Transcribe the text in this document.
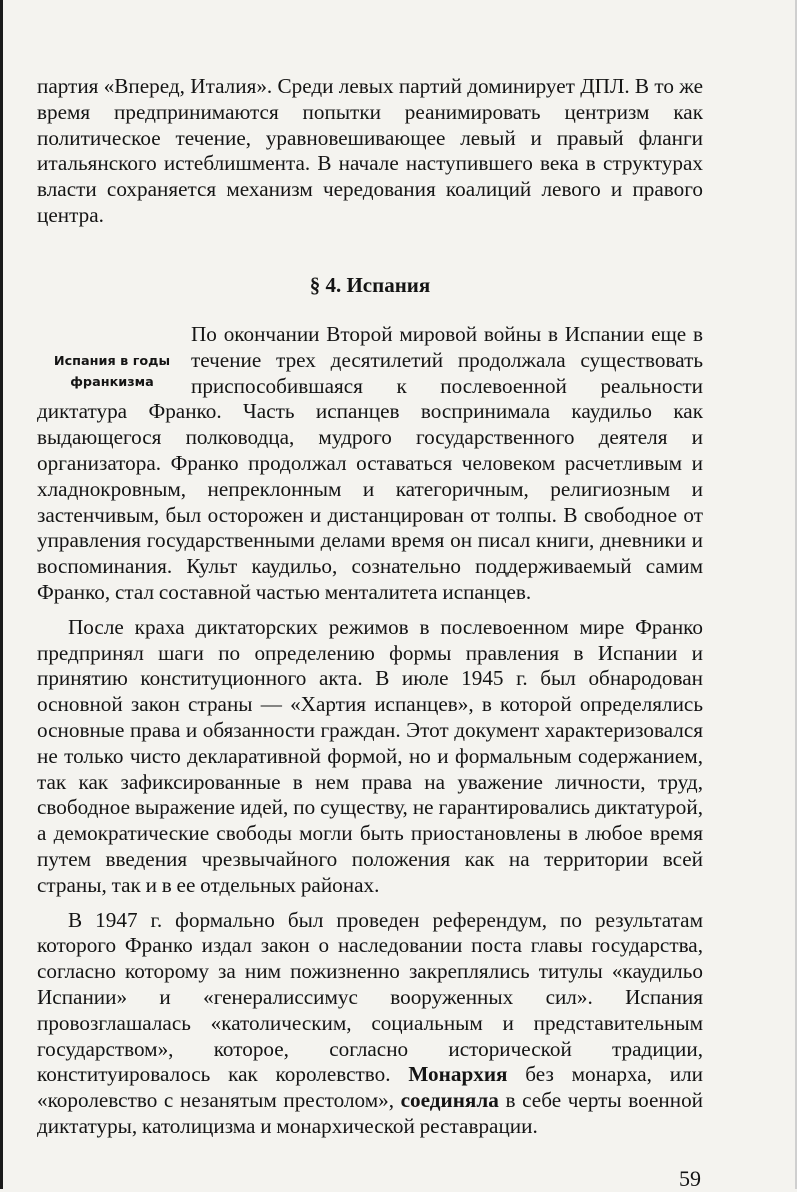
партия «Вперед, Италия». Среди левых партий доминирует ДПЛ. В то же время предпринимаются попытки реанимировать центризм как политическое течение, уравновешивающее левый и правый фланги итальянского истеблишмента. В начале наступившего века в структурах власти сохраняется механизм чередования коалиций левого и правого центра.

§ 4. Испания
Испания в годы
франкизма

По окончании Второй мировой войны в Испании еще в течение трех десятилетий продолжала существовать приспособившаяся к послевоенной реальности диктатура Франко. Часть испанцев воспринимала каудильо как выдающегося полководца, мудрого государственного деятеля и организатора. Франко продолжал оставаться человеком расчетливым и хладнокровным, непреклонным и категоричным, религиозным и застенчивым, был осторожен и дистанцирован от толпы. В свободное от управления государственными делами время он писал книги, дневники и воспоминания. Культ каудильо, сознательно поддерживаемый самим Франко, стал составной частью менталитета испанцев.

После краха диктаторских режимов в послевоенном мире Франко предпринял шаги по определению формы правления в Испании и принятию конституционного акта. В июле 1945 г. был обнародован основной закон страны — «Хартия испанцев», в которой определялись основные права и обязанности граждан. Этот документ характеризовался не только чисто декларативной формой, но и формальным содержанием, так как зафиксированные в нем права на уважение личности, труд, свободное выражение идей, по существу, не гарантировались диктатурой, а демократические свободы могли быть приостановлены в любое время путем введения чрезвычайного положения как на территории всей страны, так и в ее отдельных районах.

В 1947 г. формально был проведен референдум, по результатам которого Франко издал закон о наследовании поста главы государства, согласно которому за ним пожизненно закреплялись титулы «каудильо Испании» и «генералиссимус вооруженных сил». Испания провозглашалась «католическим, социальным и представительным государством», которое, согласно исторической традиции, конституировалось как королевство. Монархия без монарха, или «королевство с незанятым престолом», соединяла в себе черты военной диктатуры, католицизма и монархической реставрации.

59
